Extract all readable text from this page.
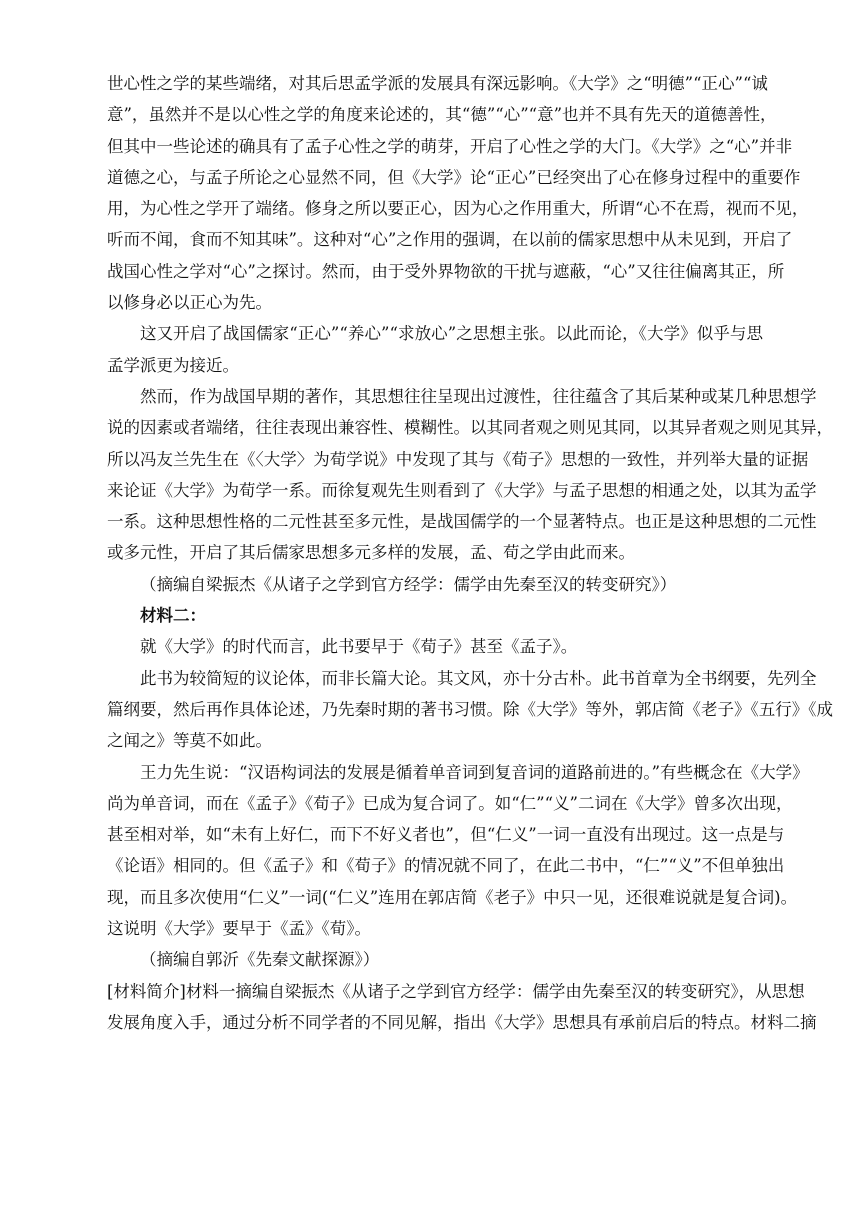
世心性之学的某些端绪，对其后思孟学派的发展具有深远影响。《大学》之“明德”“正心”“诚
意”，虽然并不是以心性之学的角度来论述的，其“德”“心”“意”也并不具有先天的道德善性，
但其中一些论述的确具有了孟子心性之学的萌芽，开启了心性之学的大门。《大学》之“心”并非
道德之心，与孟子所论之心显然不同，但《大学》论“正心”已经突出了心在修身过程中的重要作
用，为心性之学开了端绪。修身之所以要正心，因为心之作用重大，所谓“心不在焉，视而不见，
听而不闻，食而不知其味”。这种对“心”之作用的强调，在以前的儒家思想中从未见到，开启了
战国心性之学对“心”之探讨。然而，由于受外界物欲的干扰与遮蔽，“心”又往往偏离其正，所
以修身必以正心为先。
这又开启了战国儒家“正心”“养心”“求放心”之思想主张。以此而论，《大学》似乎与思
孟学派更为接近。
然而，作为战国早期的著作，其思想往往呈现出过渡性，往往蕴含了其后某种或某几种思想学
说的因素或者端绪，往往表现出兼容性、模糊性。以其同者观之则见其同，以其异者观之则见其异，
所以冯友兰先生在《〈大学〉为荀学说》中发现了其与《荀子》思想的一致性，并列举大量的证据
来论证《大学》为荀学一系。而徐复观先生则看到了《大学》与孟子思想的相通之处，以其为孟学
一系。这种思想性格的二元性甚至多元性，是战国儒学的一个显著特点。也正是这种思想的二元性
或多元性，开启了其后儒家思想多元多样的发展，孟、荀之学由此而来。
（摘编自梁振杰《从诸子之学到官方经学：儒学由先秦至汉的转变研究》）
材料二：
就《大学》的时代而言，此书要早于《荀子》甚至《孟子》。
此书为较简短的议论体，而非长篇大论。其文风，亦十分古朴。此书首章为全书纲要，先列全
篇纲要，然后再作具体论述，乃先秦时期的著书习惯。除《大学》等外，郭店简《老子》《五行》《成
之闻之》等莫不如此。
王力先生说：“汉语构词法的发展是循着单音词到复音词的道路前进的。”有些概念在《大学》
尚为单音词，而在《孟子》《荀子》已成为复合词了。如“仁”“义”二词在《大学》曾多次出现，
甚至相对举，如“未有上好仁，而下不好义者也”，但“仁义”一词一直没有出现过。这一点是与
《论语》相同的。但《孟子》和《荀子》的情况就不同了，在此二书中，“仁”“义”不但单独出
现，而且多次使用“仁义”一词(“仁义”连用在郭店简《老子》中只一见，还很难说就是复合词)。
这说明《大学》要早于《孟》《荀》。
（摘编自郭沂《先秦文献探源》）
[材料简介]材料一摘编自梁振杰《从诸子之学到官方经学：儒学由先秦至汉的转变研究》，从思想
发展角度入手，通过分析不同学者的不同见解，指出《大学》思想具有承前启后的特点。材料二摘
